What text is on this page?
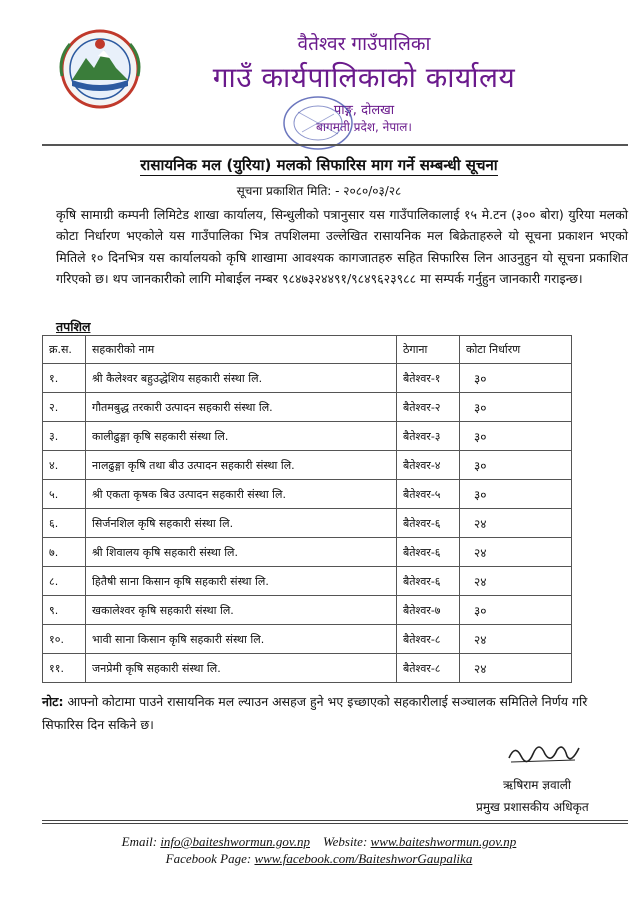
वैतेश्वर गाउँपालिका
गाउँ कार्यपालिकाको कार्यालय
पाङ्ग, दोलखा
बागमती प्रदेश, नेपाल।
रासायनिक मल (युरिया) मलको सिफारिस माग गर्ने सम्बन्धी सूचना
सूचना प्रकाशित मिति: - २०८०/०३/२८
कृषि सामाग्री कम्पनी लिमिटेड शाखा कार्यालय, सिन्धुलीको पत्रानुसार यस गाउँपालिकालाई १५ मे.टन (३०० बोरा) युरिया मलको कोटा निर्धारण भएकोले यस गाउँपालिका भित्र तपशिलमा उल्लेखित रासायनिक मल बिक्रेताहरुले यो सूचना प्रकाशन भएको मितिले १० दिनभित्र यस कार्यालयको कृषि शाखामा आवश्यक कागजातहरु सहित सिफारिस लिन आउनुहुन यो सूचना प्रकाशित गरिएको छ। थप जानकारीको लागि मोबाईल नम्बर ९८४७३२४४९१/९८४९६२३९८८ मा सम्पर्क गर्नुहुन जानकारी गराइन्छ।
तपशिल
क्र.स.	सहकारीको नाम	ठेगाना	कोटा निर्धारण
१.	श्री कैलेश्वर बहुउद्धेशिय सहकारी संस्था लि.	बैतेश्वर-१	३०
२.	गौतमबुद्ध तरकारी उत्पादन सहकारी संस्था लि.	बैतेश्वर-२	३०
३.	कालीढुङ्गा कृषि सहकारी संस्था लि.	बैतेश्वर-३	३०
४.	नालढुङ्गा कृषि तथा बीउ उत्पादन सहकारी संस्था लि.	बैतेश्वर-४	३०
५.	श्री एकता कृषक बिउ उत्पादन सहकारी संस्था लि.	बैतेश्वर-५	३०
६.	सिर्जनशिल कृषि सहकारी संस्था लि.	बैतेश्वर-६	२४
७.	श्री शिवालय कृषि सहकारी संस्था लि.	बैतेश्वर-६	२४
८.	हितैषी साना किसान कृषि सहकारी संस्था लि.	बैतेश्वर-६	२४
९.	खकालेश्वर कृषि सहकारी संस्था लि.	बैतेश्वर-७	३०
१०.	भावी साना किसान कृषि सहकारी संस्था लि.	बैतेश्वर-८	२४
११.	जनप्रेमी कृषि सहकारी संस्था लि.	बैतेश्वर-८	२४
नोट: आफ्नो कोटामा पाउने रासायनिक मल ल्याउन असहज हुने भए इच्छाएको सहकारीलाई सञ्चालक समितिले निर्णय गरि सिफारिस दिन सकिने छ।
ऋषिराम ज्ञवाली
प्रमुख प्रशासकीय अधिकृत
Email: info@baiteshwormun.gov.np Website: www.baiteshwormun.gov.np
Facebook Page: www.facebook.com/BaiteshworGaupalika
